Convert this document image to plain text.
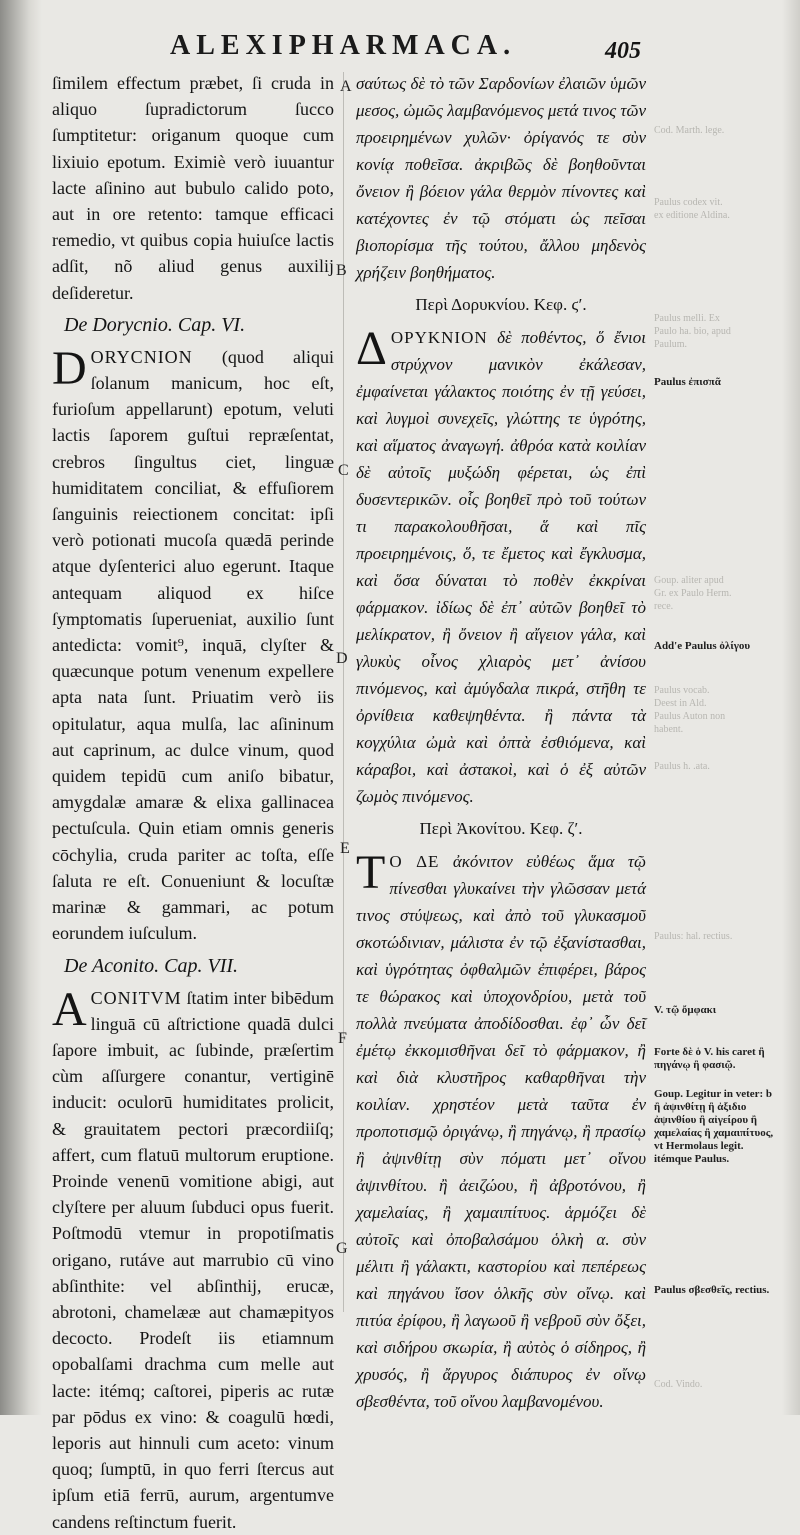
ALEXIPHARMACA.	405

ſimilem effectum præbet, ſi cruda in aliquo ſupradictorum ſucco ſumptitetur: origanum quoque cum lixiuio epotum. Eximiè verò iuuantur lacte aſinino aut bubulo calido poto, aut in ore retento: tamque efficaci remedio, vt quibus copia huiuſce lactis adſit, nõ aliud genus auxilij deſideretur.

De Dorycnio. Cap. VI.

DORYCNION (quod aliqui ſolanum manicum, hoc eſt, furioſum appellarunt) epotum, veluti lactis ſaporem guſtui repræſentat, crebros ſingultus ciet, linguæ humiditatem conciliat, & effuſiorem ſanguinis reiectionem concitat: ipſi verò potionati mucoſa quædā perinde atque dyſenterici aluo egerunt. Itaque antequam aliquod ex hiſce ſymptomatis ſuperueniat, auxilio ſunt antedicta: vomit⁹, inquā, clyſter & quæcunque potum venenum expellere apta nata ſunt. Priuatim verò iis opitulatur, aqua mulſa, lac aſininum aut caprinum, ac dulce vinum, quod quidem tepidū cum aniſo bibatur, amygdalæ amaræ & elixa gallinacea pectuſcula. Quin etiam omnis generis cōchylia, cruda pariter ac toſta, eſſe ſaluta re eſt. Conueniunt & locuſtæ marinæ & gammari, ac potum eorundem iuſculum.

De Aconito. Cap. VII.

ACONITVM ſtatim inter bibēdum linguā cū aſtrictione quadā dulci ſapore imbuit, ac ſubinde, præſertim cùm aſſurgere conantur, vertiginē inducit: oculorū humiditates prolicit, & grauitatem pectori præcordiiſq; affert, cum flatuū multorum eruptione. Proinde venenū vomitione abigi, aut clyſtere per aluum ſubduci opus fuerit. Poſtmodū vtemur in propotiſmatis origano, rutáve aut marrubio cū vino abſinthite: vel abſinthij, erucæ, abrotoni, chamelææ aut chamæpityos decocto. Prodeſt iis etiamnum opobalſami drachma cum melle aut lacte: itémq; caſtorei, piperis ac rutæ par pōdus ex vino: & coagulū hœdi, leporis aut hinnuli cum aceto: vinum quoq; ſumptū, in quo ferri ſtercus aut ipſum etiā ferrū, aurum, argentumve candens reſtinctum fuerit.

A
B
C
D
E
F
G

σαύτως δὲ τὸ τῶν Σαρδονίων ἐλαιῶν ὑμῶν μεσος, ὠμῶς λαμβανόμενος μετά τινος τῶν προειρημένων χυλῶν· ὀρίγανός τε σὺν κονίᾳ ποθεῖσα. ἀκριβῶς δὲ βοηθοῦνται ὄνειον ἢ βόειον γάλα θερμὸν πίνοντες καὶ κατέχοντες ἐν τῷ στόματι ὡς πεῖσαι βιοπορίσμα τῆς τούτου, ἄλλου μηδενὸς χρήζειν βοηθήματος.

Περὶ Δορυκνίου. Κεφ. ϛʹ.

ΔΟΡΥΚΝΙΟΝ δὲ ποθέντος, ὅ ἔνιοι στρύχνον μανικὸν ἐκάλεσαν, ἐμφαίνεται γάλακτος ποιότης ἐν τῇ γεύσει, καὶ λυγμοὶ συνεχεῖς, γλώττης τε ὑγρότης, καὶ αἵματος ἀναγωγή. ἀθρόα κατὰ κοιλίαν δὲ αὐτοῖς μυξώδη φέρεται, ὡς ἐπὶ δυσεντερικῶν. οἷς βοηθεῖ πρὸ τοῦ τούτων τι παρακολουθῆσαι, ἅ καὶ πῖς προειρημένοις, ὅ, τε ἔμετος καὶ ἔγκλυσμα, καὶ ὅσα δύναται τὸ ποθὲν ἐκκρίναι φάρμακον. ἰδίως δὲ ἐπ᾽ αὐτῶν βοηθεῖ τὸ μελίκρατον, ἢ ὄνειον ἢ αἴγειον γάλα, καὶ γλυκὺς οἶνος χλιαρὸς μετ᾽ ἀνίσου πινόμενος, καὶ ἀμύγδαλα πικρά, στῆθη τε ὀρνίθεια καθεψηθέντα. ἢ πάντα τὰ κογχύλια ὠμὰ καὶ ὀπτὰ ἐσθιόμενα, καὶ κάραβοι, καὶ ἀστακοὶ, καὶ ὁ ἐξ αὐτῶν ζωμὸς πινόμενος.

Περὶ Ἀκονίτου. Κεφ. ζʹ.

Τ Ο ΔΕ ἀκόνιτον εὐθέως ἅμα τῷ πίνεσθαι γλυκαίνει τὴν γλῶσσαν μετά τινος στύψεως, καὶ ἀπὸ τοῦ γλυκασμοῦ σκοτώδινιαν, μάλιστα ἐν τῷ ἐξανίστασθαι, καὶ ὑγρότητας ὀφθαλμῶν ἐπιφέρει, βάρος τε θώρακος καὶ ὑποχονδρίου, μετὰ τοῦ πολλὰ πνεύματα ἀποδίδοσθαι. ἐφ᾽ ὧν δεῖ ἐμέτῳ ἐκκομισθῆναι δεῖ τὸ φάρμακον, ἢ καὶ διὰ κλυστῆρος καθαρθῆναι τὴν κοιλίαν. χρηστέον μετὰ ταῦτα ἐν προποτισμῷ ὀριγάνῳ, ἢ πηγάνῳ, ἢ πρασίῳ ἢ ἀψινθίτῃ σὺν πόματι μετ᾽ οἴνου ἀψινθίτου. ἢ ἀειζώου, ἢ ἀβροτόνου, ἢ χαμελαίας, ἢ χαμαιπίτυος. ἁρμόζει δὲ αὐτοῖς καὶ ὀποβαλσάμου ὁλκὴ α. σὺν μέλιτι ἢ γάλακτι, καστορίου καὶ πεπέρεως καὶ πηγάνου ἴσον ὁλκῆς σὺν οἴνῳ. καὶ πιτύα ἐρίφου, ἢ λαγωοῦ ἢ νεβροῦ σὺν ὄξει, καὶ σιδήρου σκωρία, ἢ αὐτὸς ὁ σίδηρος, ἢ χρυσός, ἢ ἄργυρος διάπυρος ἐν οἴνῳ σβεσθέντα, τοῦ οἴνου λαμβανομένου.

Paulus ἐπισπᾶ
Add'e Paulus ὀλίγου
V. τῷ ὄμφακι
Forte δὲ ὁ V. his caret ἢ πηγάνῳ ἢ φασιῷ.
Goup. Legitur in veter: b ἢ ἀψινθίτῃ ἢ ἀξιδιο ἀψινθίου ἢ αἰγείρου ἢ χαμελαίας ἢ χαμαιπίτυος, vt Hermolaus legit. itémque Paulus.
Paulus σβεσθεῖς, rectius.
Cod. Marth. lege.
Paulus codex vit. ex editione Aldina.
Paulus melli. Ex Paulo ha. bio, apud Paulum.
Goup. aliter apud Gr. ex Paulo Herm. rece.
Paulus vocab. Deest in Ald. Paulus Auton non habent.
Paulus h. .ata.
Paulus: hal. rectius.
Cod. Vindo.
